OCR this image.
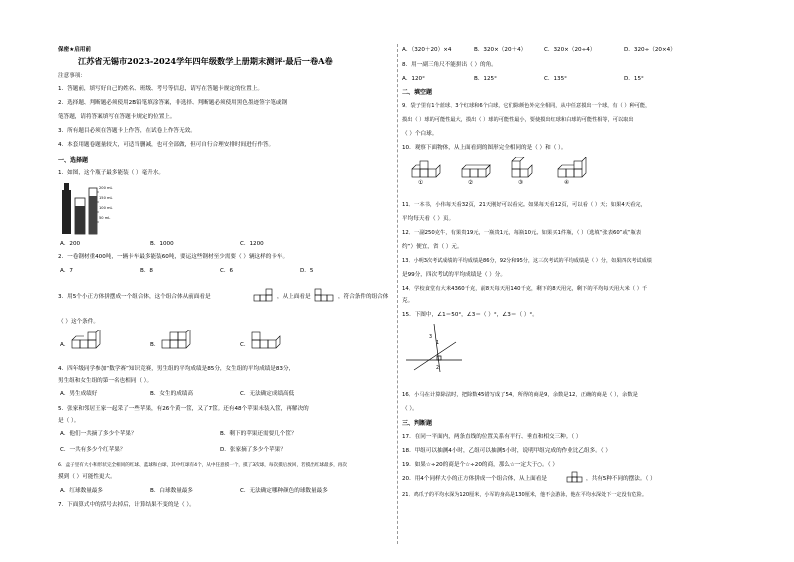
保密★启用前
江苏省无锡市2023-2024学年四年级数学上册期末测评·最后一卷A卷
注意事项：
1．答题前，填写好自己的姓名、班级、考号等信息，请写在答题卡规定的位置上。
2．选择题、判断题必须使用2B铅笔填涂答案，非选择、判断题必须使用黑色墨迹签字笔或钢
笔答题，请将答案填写在答题卡规定的位置上。
3．所有题目必须在答题卡上作答，在试卷上作答无效。
4．本套用题卷题量较大，可适当删减，也可全部做，但可自行合理安排时间进行作答。
一、选择题
1．如图，这个瓶子最多能装（ ）毫升水。
200 mL
150 mL
100 mL
50 mL
A．200	B．1000	C．1200
2．一卷钢材重400吨，一辆卡车最多能装60吨，要运这些钢材至少需要（ ）辆这样的卡车。
A．7	B．8	C．6	D．5
3．用5个小正方体拼摆成一个组合体，这个组合体从前面看是	，从上面看是	，符合条件的组合体
（ ）这个条件。
A．	B．	C．
4．四年级同学参加“数学赛”知识竞赛，男生组的平均成绩是85分，女生组的平均成绩是83分，
男生组和女生组的第一名也相同（ ）。
A．男生成绩好	B．女生的成绩高	C．无法确定成绩高低
5．张家和邻居王家一起采了一些苹果，有26个黄一筐，又了7筐。还有48个苹果未装入筐，再解决的
是（ ）。
A．他们一共摘了多少个苹果？	B．剩下的苹果还需要几个筐？
C．一共有多少个红苹果？	D．张家摘了多少个苹果？
6．盒子里有大小和形状完全相同的红球、蓝球和白球，其中红球有4个，从中任意摸一个，摸了3次球，每次摸后放回，若摸出红球最多，再次
摸到（ ）可能性更大。
A．红球数量最多	B．白球数量最多	C．无法确定哪种颜色的球数量最多
7．下面算式中的括号去掉后，计算结果不变的是（ ）。
A．（320＋20）×4	B．320×（20＋4）	C．320×（20÷4）	D．320÷（20×4）
8．用一副三角尺不能拼出（ ）的角。
A．120°	B．125°	C．135°	D．15°
二、填空题
9．袋子里有1个蓝球、3个红球和6个白球，它们除颜色外完全相同，从中任意摸出一个球，有（ ）种可能，
摸出（ ）球的可能性最大，摸出（ ）球的可能性最小，要使摸出红球和白球的可能性相等，可以取出
（ ）个白球。
10．观察下面物体，从上面看到的图形完全相同的是（ ）和（ ）。
①	②	③	④
11．一本书，小伟每天看32页，21天刚好可以看完。如果每天看12页，可以看（ ）天；如果4天看完，
平均每天看（ ）页。
12．一副250克牛，有果贵19元，一瓶贵1元，每瓶10元。如果买1件瓶，（ ）（选填“张表60”或“瓶表
约”）便宜，省（ ）元。
13．小明3次考试成绩的平均成绩是86分，92分和95分，这三次考试的平均成绩是（ ）分，如果四次考试成绩
是99分，四次考试的平均成绩是（ ）分。
14．学校食堂有大米4360千克，前8天每天用140千克，剩下的8天用完，剩下的平均每天用大米（ ）千
克。
15．下图中，∠1＝50°，∠3＝（ ）°，∠3＝（ ）°。
1
2
3
16．小马在计算除法时，把除数45错写成了54，所得的商是9，余数是12，正确的商是（ ），余数是
（ ）。
三、判断题
17．在同一平面内，两条直线的位置关系有平行、垂直和相交三种。（ ）
18．甲组可以抽测4小时，乙组可以抽测5小时，说明甲组完成的作业比乙组多。（ ）
19．如果☆÷20的商是个☆÷20的商，那么☆一定大于○。（ ）
20．用4个同样大小的正方体拼成一个组合体，从上面看是	，共有5种不同的摆法。（ ）
21．鸡爪子的平均水深为120厘米，小军的身高是130厘米，他不会游泳，他在平均水深处下一定没有危险。
